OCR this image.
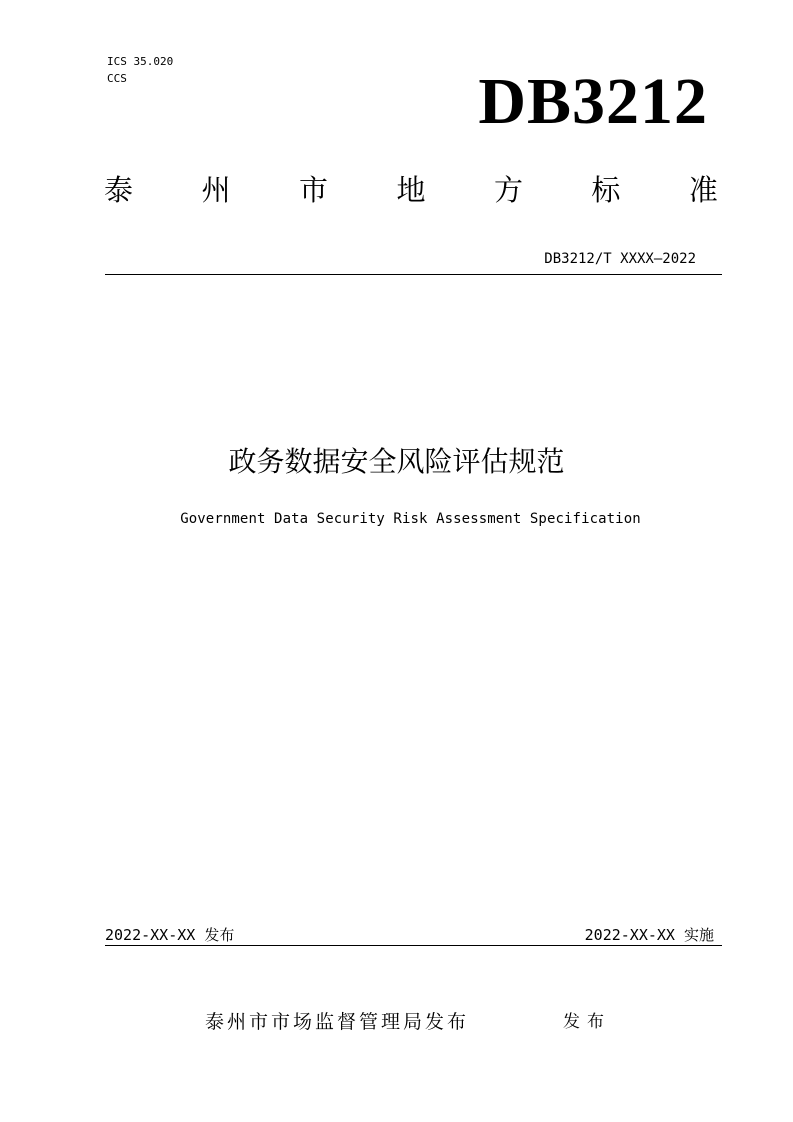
ICS 35.020
CCS	DB3212
泰 州 市 地 方 标 准
DB3212/T XXXX—2022
政务数据安全风险评估规范
Government Data Security Risk Assessment Specification
2022-XX-XX 发布	2022-XX-XX 实施
泰州市市场监督管理局发布	发布
